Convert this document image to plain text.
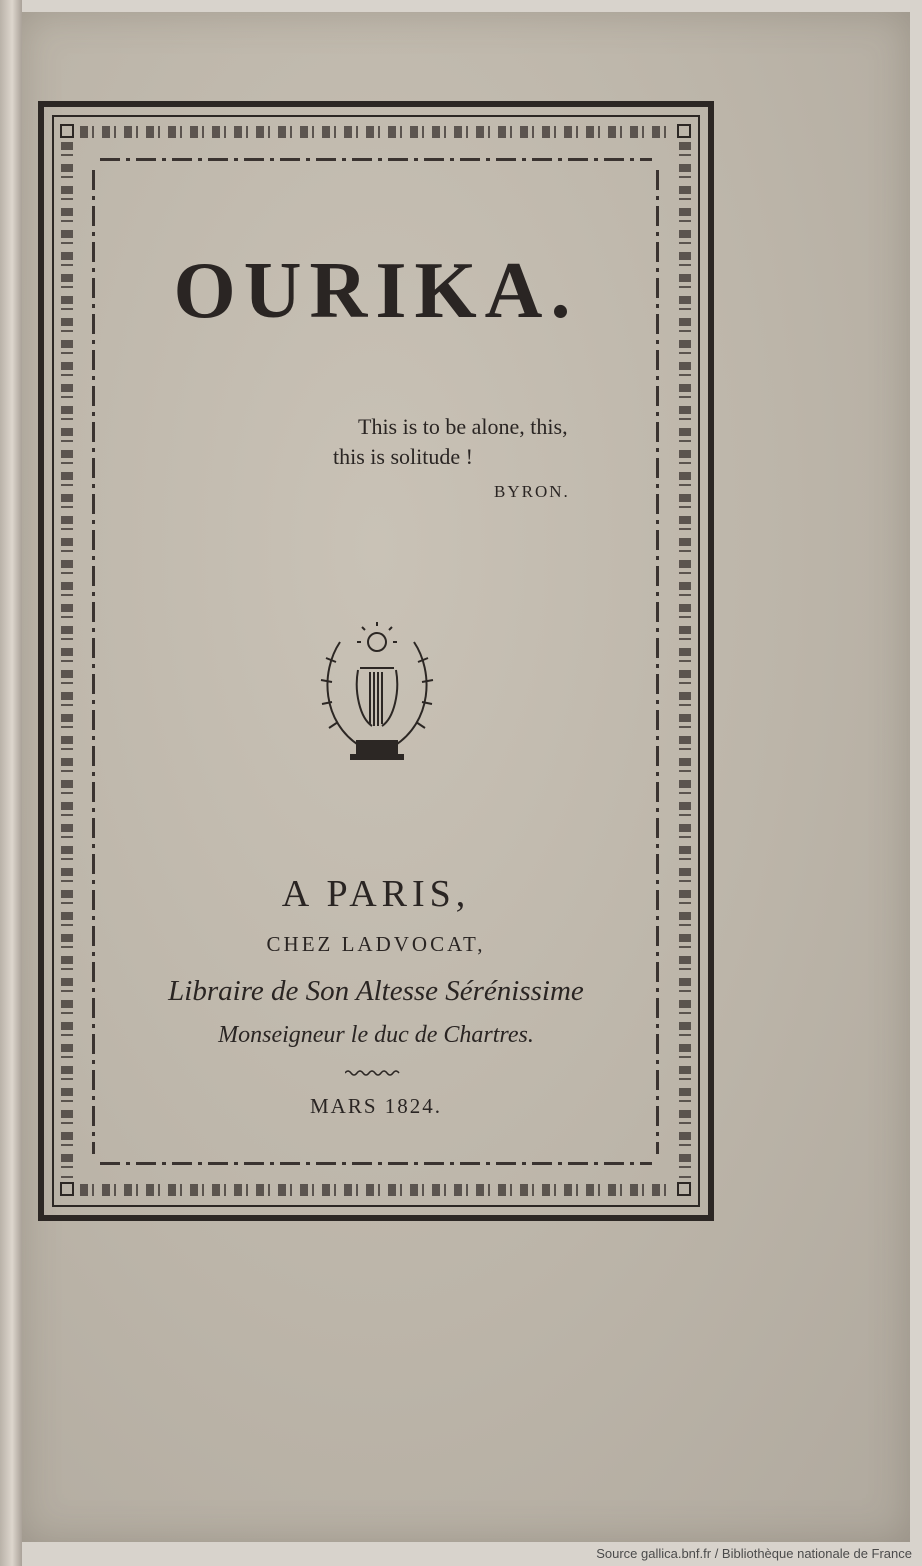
OURIKA.

This is to be alone, this,

this is solitude !

BYRON.

A PARIS,

CHEZ LADVOCAT,

Libraire de Son Altesse Sérénissime

Monseigneur le duc de Chartres.

MARS 1824.

Source gallica.bnf.fr / Bibliothèque nationale de France
